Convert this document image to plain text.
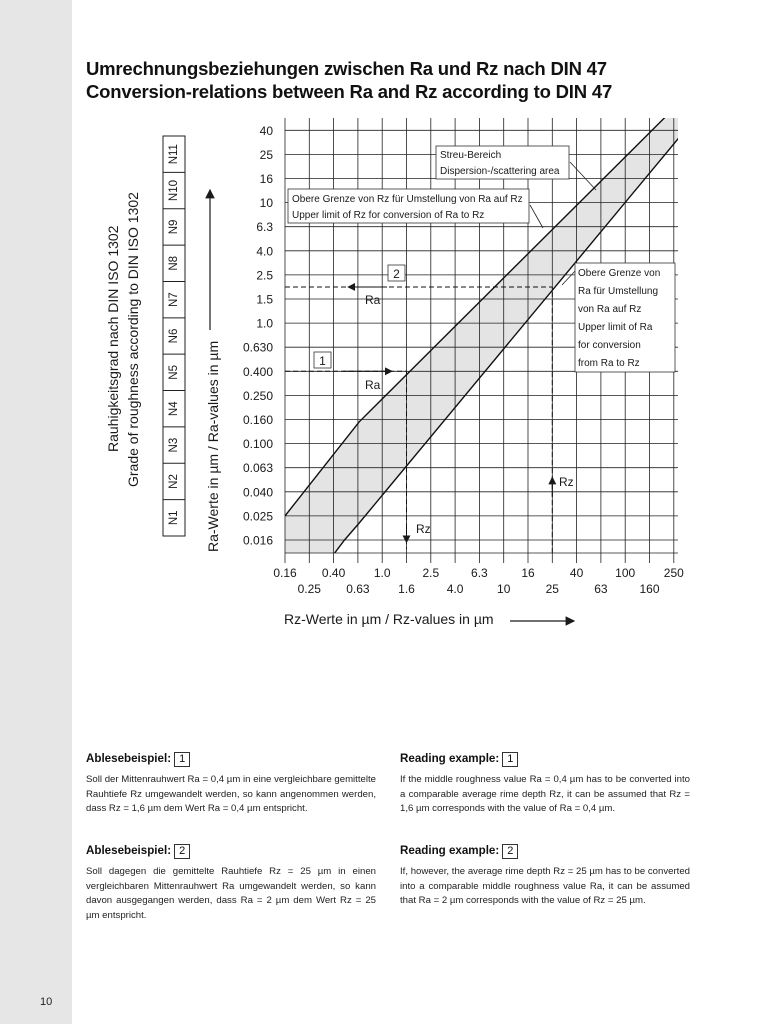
10
Umrechnungsbeziehungen zwischen Ra und Rz nach DIN 47
Conversion-relations between Ra and Rz according to DIN 47
40
25
16
10
6.3
4.0
2.5
1.5
1.0
0.630
0.400
0.250
0.160
0.100
0.063
0.040
0.025
0.016
0.16 0.40 1.0	2.5	6.3	16	40	100 250
0.25 0.63 1.6	4.0	10	25	63	160
Rz-Werte in µm / Rz-values in µm
Ra-Werte in µm / Ra-values in µm
Rauhigkeitsgrad nach DIN ISO 1302 Grade of roughness according to DIN ISO 1302
N1
N2
N3
N4
N5
N6
N7
N8
N9
N10
N11	Streu-Bereich
Dispersion-/scattering area
Obere Grenze von Rz für Umstellung von Ra auf Rz
Upper limit of Rz for conversion of Ra to Rz
Obere Grenze von
Ra für Umstellung
von Ra auf Rz
Upper limit of Ra
for conversion
from Ra to Rz
1
Ra
Rz
2
Ra
Rz
Ablesebeispiel: 1

Soll der Mittenrauhwert Ra = 0,4 µm in eine vergleichbare gemittelte Rauhtiefe Rz umgewandelt werden, so kann angenommen werden, dass Rz = 1,6 µm dem Wert Ra = 0,4 µm entspricht.

Reading example: 1

If the middle roughness value Ra = 0,4 µm has to be converted into a comparable average rime depth Rz, it can be assumed that Rz = 1,6 µm corresponds with the value of Ra = 0,4 µm.

Ablesebeispiel: 2

Soll dagegen die gemittelte Rauhtiefe Rz = 25 µm in einen vergleichbaren Mittenrauhwert Ra umgewandelt werden, so kann davon ausgegangen werden, dass Ra = 2 µm dem Wert Rz = 25 µm entspricht.

Reading example: 2

If, however, the average rime depth Rz = 25 µm has to be converted into a comparable middle roughness value Ra, it can be assumed that Ra = 2 µm corresponds with the value of Rz = 25 µm.
